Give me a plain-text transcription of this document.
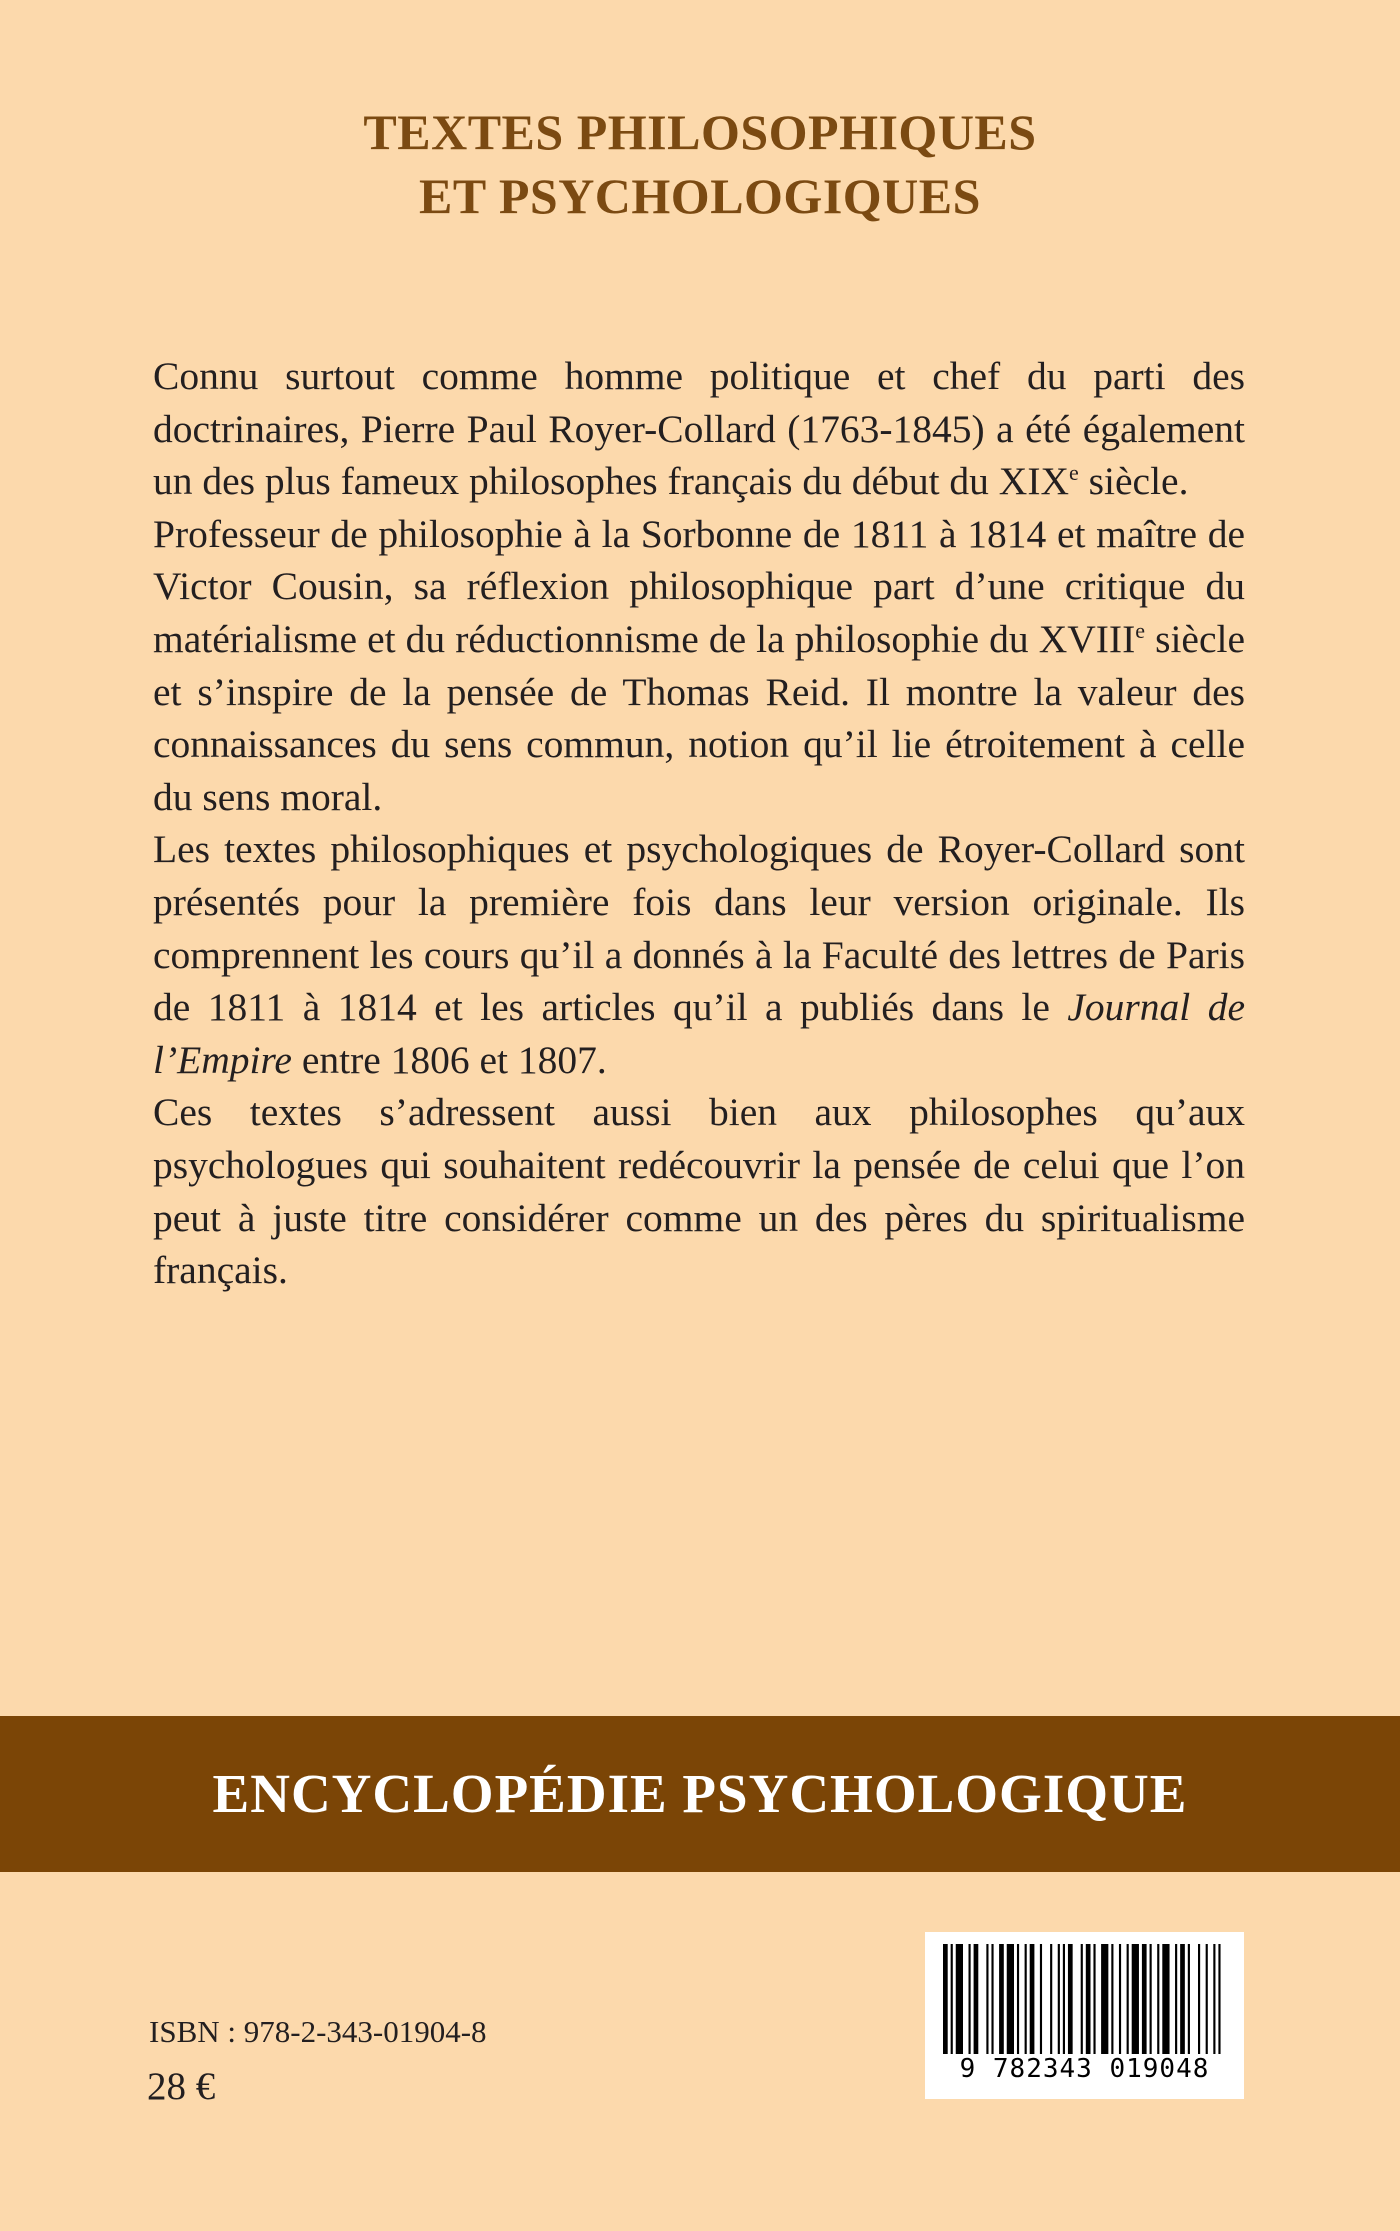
TEXTES PHILOSOPHIQUES
ET PSYCHOLOGIQUES

Connu surtout comme homme politique et chef du parti des doctrinaires, Pierre Paul Royer-Collard (1763-1845) a été également un des plus fameux philosophes français du début du XIXe siècle.

Professeur de philosophie à la Sorbonne de 1811 à 1814 et maître de Victor Cousin, sa réflexion philosophique part d’une critique du matérialisme et du réductionnisme de la philosophie du XVIIIe siècle et s’inspire de la pensée de Thomas Reid. Il montre la valeur des connaissances du sens commun, notion qu’il lie étroitement à celle du sens moral.

Les textes philosophiques et psychologiques de Royer-Collard sont présentés pour la première fois dans leur version originale. Ils comprennent les cours qu’il a donnés à la Faculté des lettres de Paris de 1811 à 1814 et les articles qu’il a publiés dans le Journal de l’Empire entre 1806 et 1807.

Ces textes s’adressent aussi bien aux philosophes qu’aux psychologues qui souhaitent redécouvrir la pensée de celui que l’on peut à juste titre considérer comme un des pères du spiritualisme français.

ENCYCLOPÉDIE PSYCHOLOGIQUE
ISBN : 978-2-343-01904-8
28 €	9 782343 019048
